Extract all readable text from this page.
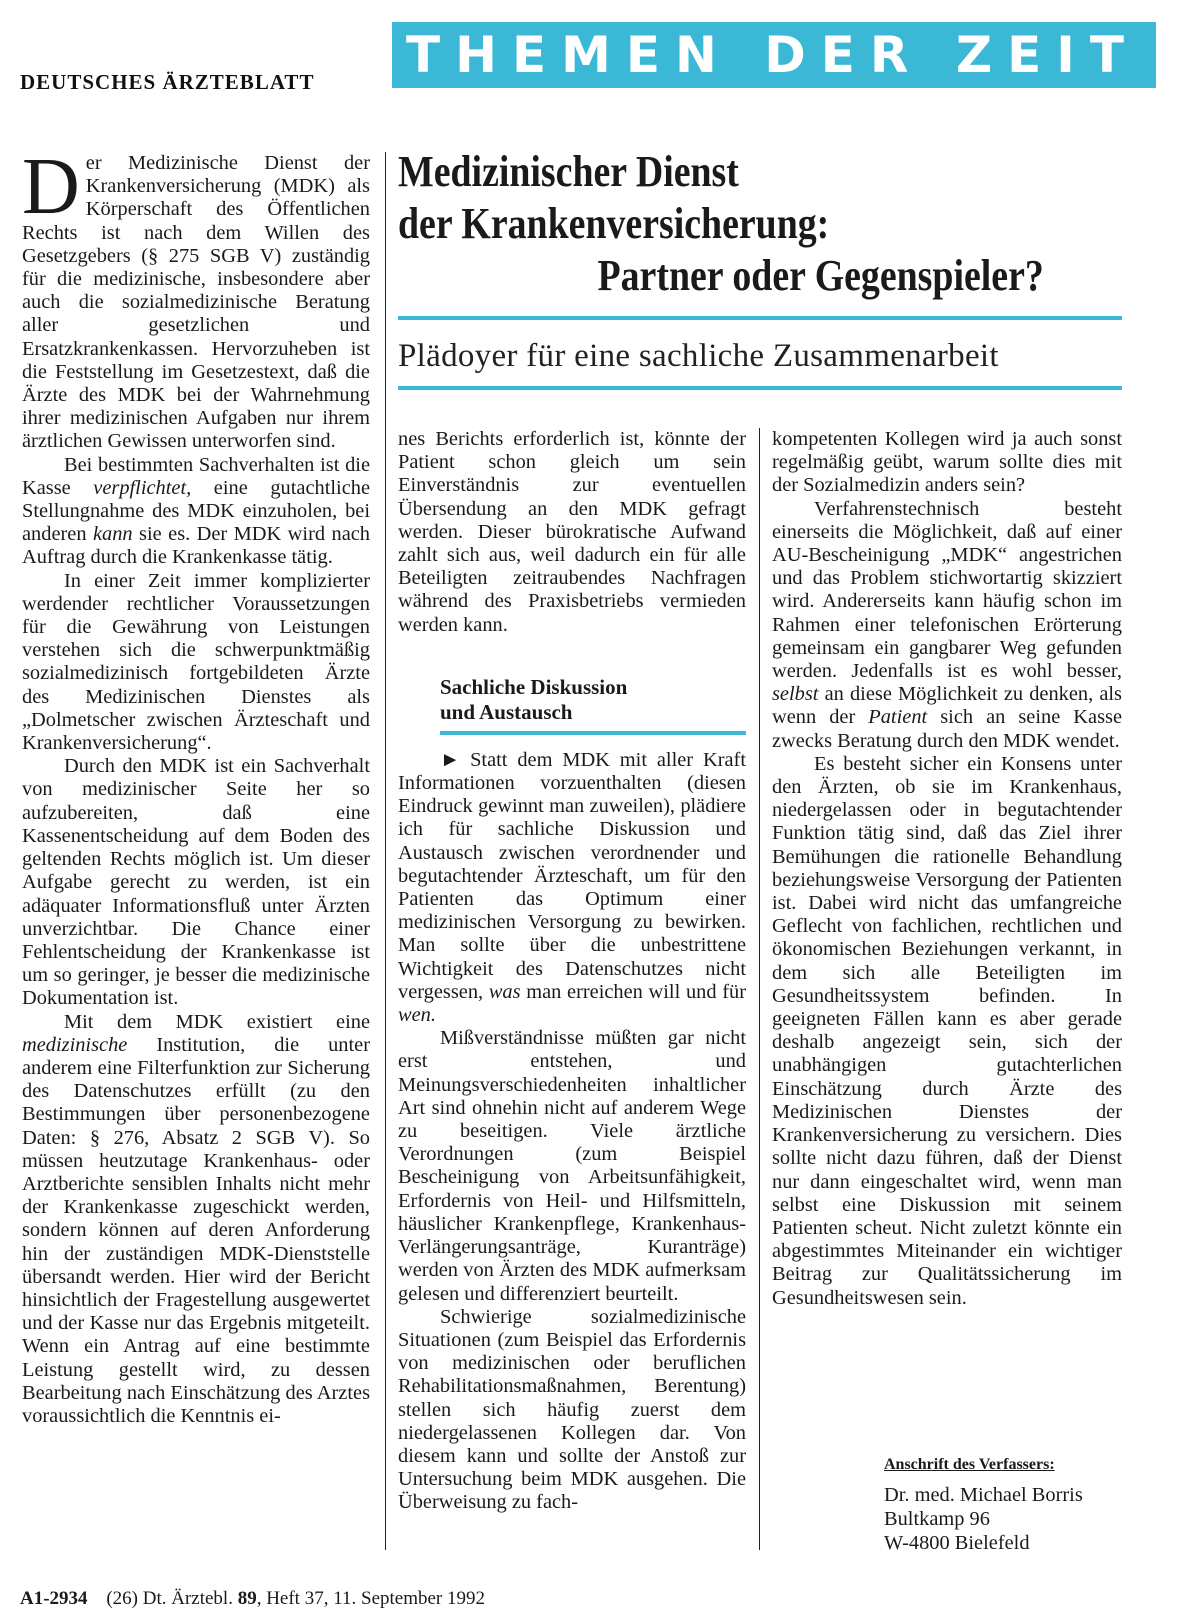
DEUTSCHES ÄRZTEBLATT THEMEN DER ZEIT
Medizinischer Dienst
der Krankenversicherung:
Partner oder Gegenspieler?
Plädoyer für eine sachliche Zusammenarbeit

Der Medizinische Dienst der Krankenversicherung (MDK) als Körperschaft des Öffentlichen Rechts ist nach dem Willen des Gesetzgebers (§ 275 SGB V) zuständig für die medizinische, insbesondere aber auch die sozialmedizinische Beratung aller gesetzlichen und Ersatzkrankenkassen. Hervorzuheben ist die Feststellung im Gesetzestext, daß die Ärzte des MDK bei der Wahrnehmung ihrer medizinischen Aufgaben nur ihrem ärztlichen Gewissen unterworfen sind.

Bei bestimmten Sachverhalten ist die Kasse verpflichtet, eine gutachtliche Stellungnahme des MDK einzuholen, bei anderen kann sie es. Der MDK wird nach Auftrag durch die Krankenkasse tätig.

In einer Zeit immer komplizierter werdender rechtlicher Voraussetzungen für die Gewährung von Leistungen verstehen sich die schwerpunktmäßig sozialmedizinisch fortgebildeten Ärzte des Medizinischen Dienstes als „Dolmetscher zwischen Ärzteschaft und Krankenversicherung“.

Durch den MDK ist ein Sachverhalt von medizinischer Seite her so aufzubereiten, daß eine Kassenentscheidung auf dem Boden des geltenden Rechts möglich ist. Um dieser Aufgabe gerecht zu werden, ist ein adäquater Informationsfluß unter Ärzten unverzichtbar. Die Chance einer Fehlentscheidung der Krankenkasse ist um so geringer, je besser die medizinische Dokumentation ist.

Mit dem MDK existiert eine medizinische Institution, die unter anderem eine Filterfunktion zur Sicherung des Datenschutzes erfüllt (zu den Bestimmungen über personenbezogene Daten: § 276, Absatz 2 SGB V). So müssen heutzutage Krankenhaus- oder Arztberichte sensiblen Inhalts nicht mehr der Krankenkasse zugeschickt werden, sondern können auf deren Anforderung hin der zuständigen MDK-Dienststelle übersandt werden. Hier wird der Bericht hinsichtlich der Fragestellung ausgewertet und der Kasse nur das Ergebnis mitgeteilt. Wenn ein Antrag auf eine bestimmte Leistung gestellt wird, zu dessen Bearbeitung nach Einschätzung des Arztes voraussichtlich die Kenntnis ei-

nes Berichts erforderlich ist, könnte der Patient schon gleich um sein Einverständnis zur eventuellen Übersendung an den MDK gefragt werden. Dieser bürokratische Aufwand zahlt sich aus, weil dadurch ein für alle Beteiligten zeitraubendes Nachfragen während des Praxisbetriebs vermieden werden kann.

Sachliche Diskussion und Austausch

► Statt dem MDK mit aller Kraft Informationen vorzuenthalten (diesen Eindruck gewinnt man zuweilen), plädiere ich für sachliche Diskussion und Austausch zwischen verordnender und begutachtender Ärzteschaft, um für den Patienten das Optimum einer medizinischen Versorgung zu bewirken. Man sollte über die unbestrittene Wichtigkeit des Datenschutzes nicht vergessen, was man erreichen will und für wen.

Mißverständnisse müßten gar nicht erst entstehen, und Meinungsverschiedenheiten inhaltlicher Art sind ohnehin nicht auf anderem Wege zu beseitigen. Viele ärztliche Verordnungen (zum Beispiel Bescheinigung von Arbeitsunfähigkeit, Erfordernis von Heil- und Hilfsmitteln, häuslicher Krankenpflege, Krankenhaus-Verlängerungsanträge, Kuranträge) werden von Ärzten des MDK aufmerksam gelesen und differenziert beurteilt.

Schwierige sozialmedizinische Situationen (zum Beispiel das Erfordernis von medizinischen oder beruflichen Rehabilitationsmaßnahmen, Berentung) stellen sich häufig zuerst dem niedergelassenen Kollegen dar. Von diesem kann und sollte der Anstoß zur Untersuchung beim MDK ausgehen. Die Überweisung zu fach-

kompetenten Kollegen wird ja auch sonst regelmäßig geübt, warum sollte dies mit der Sozialmedizin anders sein?

Verfahrenstechnisch besteht einerseits die Möglichkeit, daß auf einer AU-Bescheinigung „MDK“ angestrichen und das Problem stichwortartig skizziert wird. Andererseits kann häufig schon im Rahmen einer telefonischen Erörterung gemeinsam ein gangbarer Weg gefunden werden. Jedenfalls ist es wohl besser, selbst an diese Möglichkeit zu denken, als wenn der Patient sich an seine Kasse zwecks Beratung durch den MDK wendet.

Es besteht sicher ein Konsens unter den Ärzten, ob sie im Krankenhaus, niedergelassen oder in begutachtender Funktion tätig sind, daß das Ziel ihrer Bemühungen die rationelle Behandlung beziehungsweise Versorgung der Patienten ist. Dabei wird nicht das umfangreiche Geflecht von fachlichen, rechtlichen und ökonomischen Beziehungen verkannt, in dem sich alle Beteiligten im Gesundheitssystem befinden. In geeigneten Fällen kann es aber gerade deshalb angezeigt sein, sich der unabhängigen gutachterlichen Einschätzung durch Ärzte des Medizinischen Dienstes der Krankenversicherung zu versichern. Dies sollte nicht dazu führen, daß der Dienst nur dann eingeschaltet wird, wenn man selbst eine Diskussion mit seinem Patienten scheut. Nicht zuletzt könnte ein abgestimmtes Miteinander ein wichtiger Beitrag zur Qualitätssicherung im Gesundheitswesen sein.

Anschrift des Verfassers:
Dr. med. Michael Borris
Bultkamp 96
W-4800 Bielefeld
A1-2934 (26) Dt. Ärztebl. 89, Heft 37, 11. September 1992
